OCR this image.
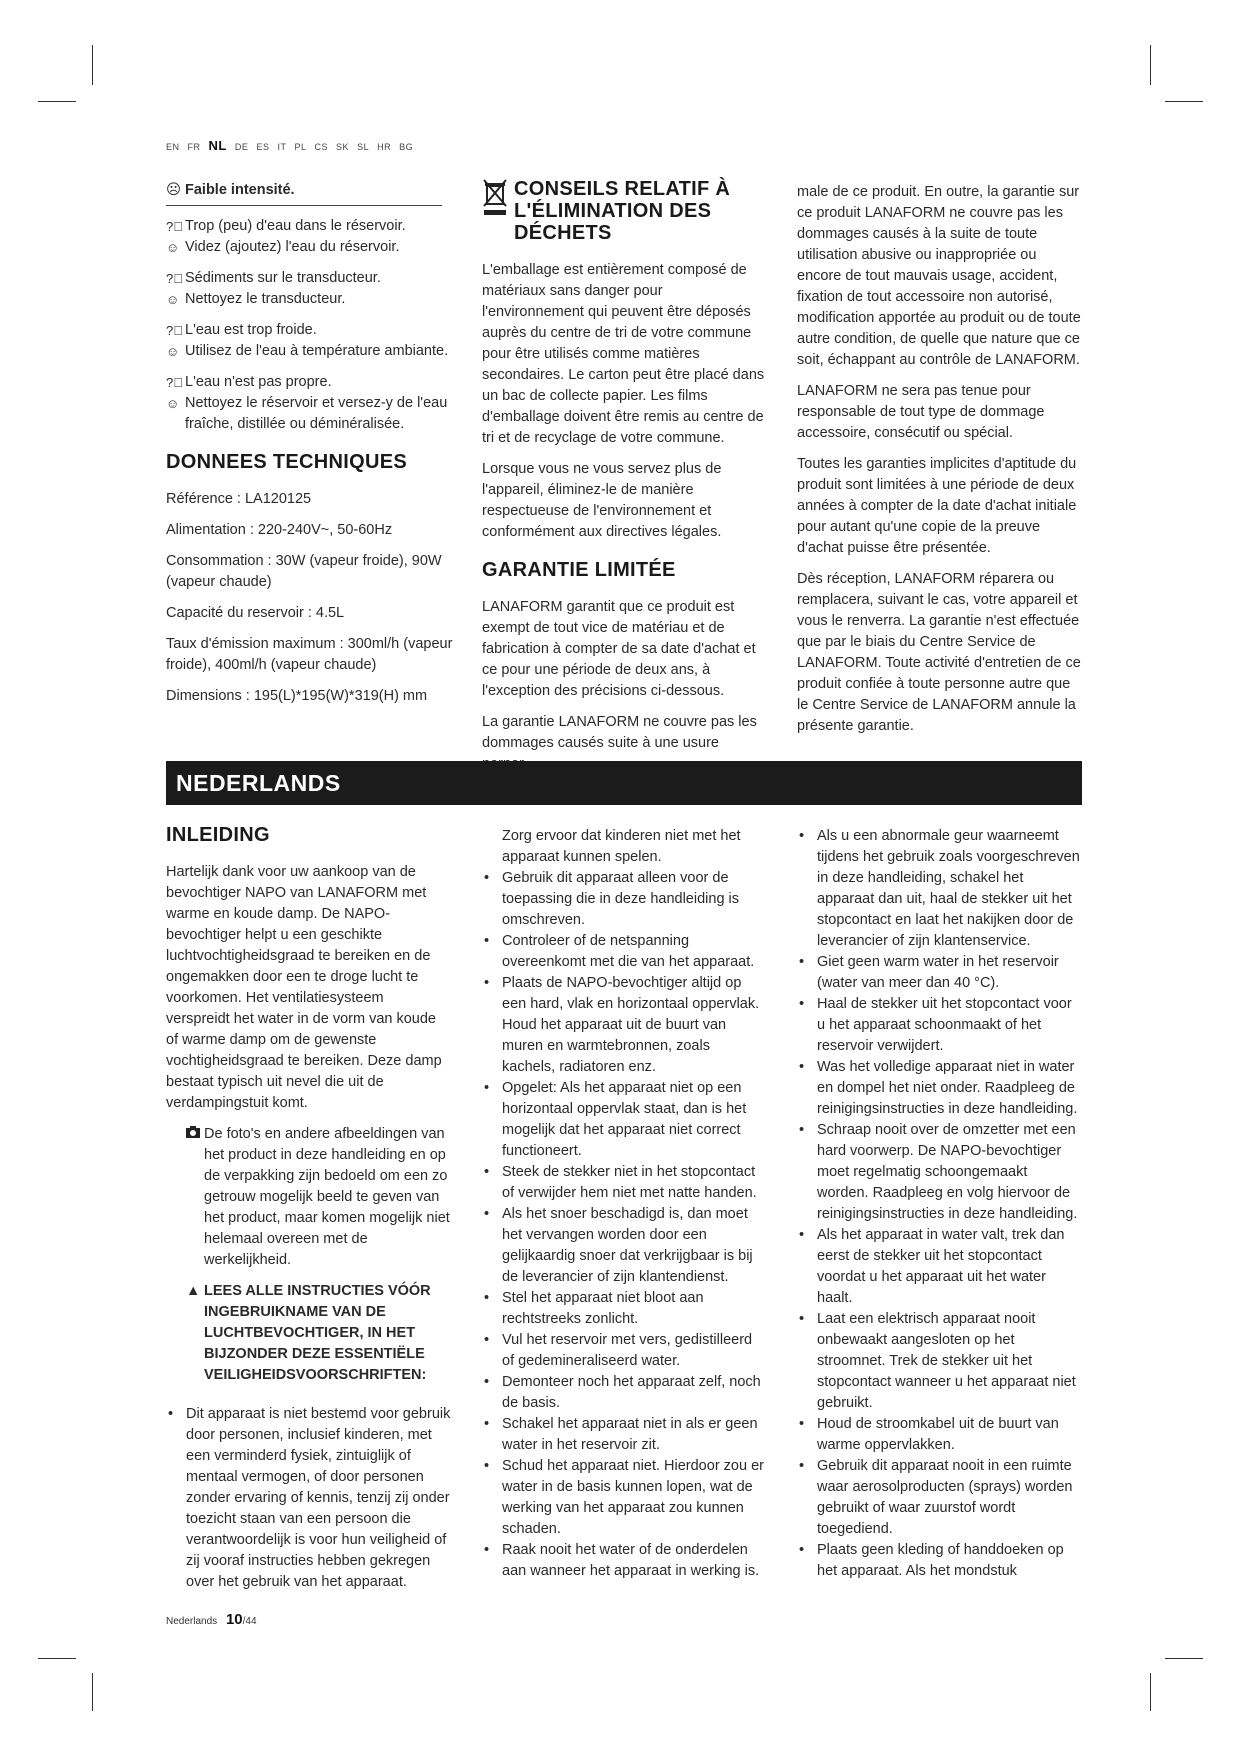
EN FR NL DE ES IT PL CS SK SL HR BG
☹ Faible intensité.
?⃝ Trop (peu) d'eau dans le réservoir.
☺ Videz (ajoutez) l'eau du réservoir.
?⃝ Sédiments sur le transducteur.
☺ Nettoyez le transducteur.
?⃝ L'eau est trop froide.
☺ Utilisez de l'eau à température ambiante.
?⃝ L'eau n'est pas propre.
☺ Nettoyez le réservoir et versez-y de l'eau fraîche, distillée ou déminéralisée.
DONNEES TECHNIQUES

Référence : LA120125

Alimentation : 220-240V~, 50-60Hz

Consommation : 30W (vapeur froide), 90W (vapeur chaude)

Capacité du reservoir : 4.5L

Taux d'émission maximum : 300ml/h (vapeur froide), 400ml/h (vapeur chaude)

Dimensions : 195(L)*195(W)*319(H) mm

CONSEILS RELATIF À L'ÉLIMINATION DES DÉCHETS

L'emballage est entièrement composé de matériaux sans danger pour l'environnement qui peuvent être déposés auprès du centre de tri de votre commune pour être utilisés comme matières secondaires. Le carton peut être placé dans un bac de collecte papier. Les films d'emballage doivent être remis au centre de tri et de recyclage de votre commune.

Lorsque vous ne vous servez plus de l'appareil, éliminez-le de manière respectueuse de l'environnement et conformément aux directives légales.

GARANTIE LIMITÉE

LANAFORM garantit que ce produit est exempt de tout vice de matériau et de fabrication à compter de sa date d'achat et ce pour une période de deux ans, à l'exception des précisions ci-dessous.

La garantie LANAFORM ne couvre pas les dommages causés suite à une usure

male de ce produit. En outre, la garantie sur ce produit LANAFORM ne couvre pas les dommages causés à la suite de toute utilisation abusive ou inappropriée ou encore de tout mauvais usage, accident, fixation de tout accessoire non autorisé, modification apportée au produit ou de toute autre condition, de quelle que nature que ce soit, échappant au contrôle de LANAFORM.

LANAFORM ne sera pas tenue pour responsable de tout type de dommage accessoire, consécutif ou spécial.

Toutes les garanties implicites d'aptitude du produit sont limitées à une période de deux années à compter de la date d'achat initiale pour autant qu'une copie de la preuve d'achat puisse être présentée.

Dès réception, LANAFORM réparera ou remplacera, suivant le cas, votre appareil et vous le renverra. La garantie n'est effectuée que par le biais du Centre Service de LANAFORM. Toute activité d'entretien de ce produit confiée à toute personne autre que le Centre Service de LANAFORM annule la présente garantie.

NEDERLANDS
INLEIDING

Hartelijk dank voor uw aankoop van de bevochtiger NAPO van LANAFORM met warme en koude damp. De NAPO-bevochtiger helpt u een geschikte luchtvochtigheidsgraad te bereiken en de ongemakken door een te droge lucht te voorkomen. Het ventilatiesysteem verspreidt het water in de vorm van koude of warme damp om de gewenste vochtigheidsgraad te bereiken. Deze damp bestaat typisch uit nevel die uit de verdampingstuit komt.

De foto's en andere afbeeldingen van het product in deze handleiding en op de verpakking zijn bedoeld om een zo getrouw mogelijk beeld te geven van het product, maar komen mogelijk niet helemaal overeen met de werkelijkheid.
▲ LEES ALLE INSTRUCTIES VÓÓR INGEBRUIKNAME VAN DE LUCHTBEVOCHTIGER, IN HET BIJZONDER DEZE ESSENTIËLE VEILIGHEIDSVOORSCHRIFTEN:
• Dit apparaat is niet bestemd voor gebruik door personen, inclusief kinderen, met een verminderd fysiek, zintuiglijk of mentaal vermogen, of door personen zonder ervaring of kennis, tenzij zij onder toezicht staan van een persoon die verantwoordelijk is voor hun veiligheid of zij vooraf instructies hebben gekregen over het gebruik van het apparaat.

Zorg ervoor dat kinderen niet met het apparaat kunnen spelen.

• Gebruik dit apparaat alleen voor de toepassing die in deze handleiding is omschreven.
• Controleer of de netspanning overeenkomt met die van het apparaat.
• Plaats de NAPO-bevochtiger altijd op een hard, vlak en horizontaal oppervlak. Houd het apparaat uit de buurt van muren en warmtebronnen, zoals kachels, radiatoren enz.
• Opgelet: Als het apparaat niet op een horizontaal oppervlak staat, dan is het mogelijk dat het apparaat niet correct functioneert.
• Steek de stekker niet in het stopcontact of verwijder hem niet met natte handen.
• Als het snoer beschadigd is, dan moet het vervangen worden door een gelijkaardig snoer dat verkrijgbaar is bij de leverancier of zijn klantendienst.
• Stel het apparaat niet bloot aan rechtstreeks zonlicht.
• Vul het reservoir met vers, gedistilleerd of gedemineraliseerd water.
• Demonteer noch het apparaat zelf, noch de basis.
• Schakel het apparaat niet in als er geen water in het reservoir zit.
• Schud het apparaat niet. Hierdoor zou er water in de basis kunnen lopen, wat de werking van het apparaat zou kunnen schaden.
• Raak nooit het water of de onderdelen aan wanneer het apparaat in werking is.
• Als u een abnormale geur waarneemt tijdens het gebruik zoals voorgeschreven in deze handleiding, schakel het apparaat dan uit, haal de stekker uit het stopcontact en laat het nakijken door de leverancier of zijn klantenservice.
• Giet geen warm water in het reservoir (water van meer dan 40 °C).
• Haal de stekker uit het stopcontact voor u het apparaat schoonmaakt of het reservoir verwijdert.
• Was het volledige apparaat niet in water en dompel het niet onder. Raadpleeg de reinigingsinstructies in deze handleiding.
• Schraap nooit over de omzetter met een hard voorwerp. De NAPO-bevochtiger moet regelmatig schoongemaakt worden. Raadpleeg en volg hiervoor de reinigingsinstructies in deze handleiding.
• Als het apparaat in water valt, trek dan eerst de stekker uit het stopcontact voordat u het apparaat uit het water haalt.
• Laat een elektrisch apparaat nooit onbewaakt aangesloten op het stroomnet. Trek de stekker uit het stopcontact wanneer u het apparaat niet gebruikt.
• Houd de stroomkabel uit de buurt van warme oppervlakken.
• Gebruik dit apparaat nooit in een ruimte waar aerosolproducten (sprays) worden gebruikt of waar zuurstof wordt toegediend.
• Plaats geen kleding of handdoeken op het apparaat. Als het mondstuk
Nederlands 10/44
